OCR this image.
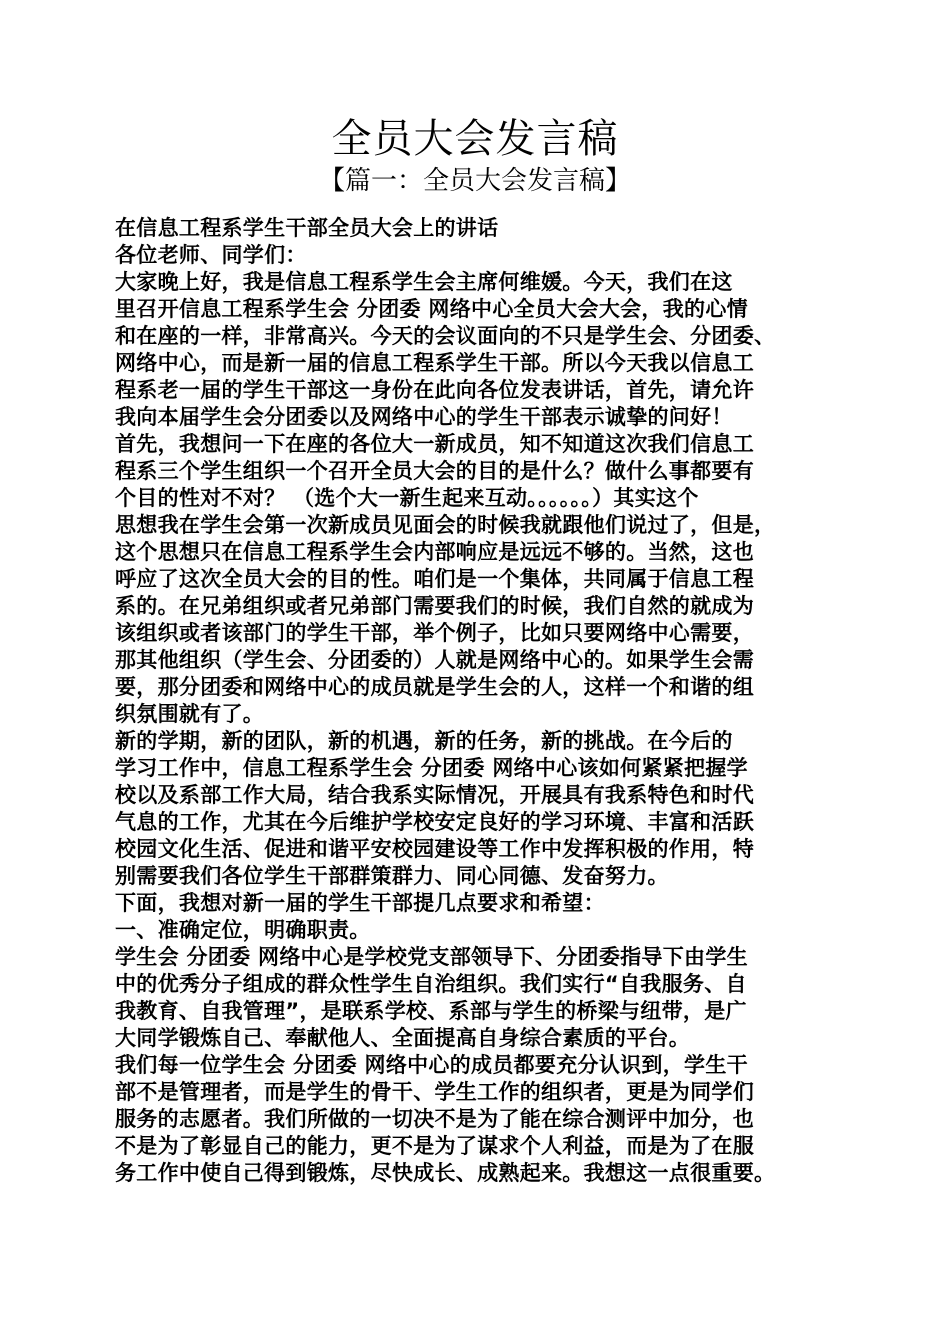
全员大会发言稿
【篇一：全员大会发言稿】
在信息工程系学生干部全员大会上的讲话
各位老师、同学们：
大家晚上好，我是信息工程系学生会主席何维媛。今天，我们在这
里召开信息工程系学生会 分团委 网络中心全员大会大会，我的心情
和在座的一样，非常高兴。今天的会议面向的不只是学生会、分团委、
网络中心，而是新一届的信息工程系学生干部。所以今天我以信息工
程系老一届的学生干部这一身份在此向各位发表讲话，首先，请允许
我向本届学生会分团委以及网络中心的学生干部表示诚挚的问好！
首先，我想问一下在座的各位大一新成员，知不知道这次我们信息工
程系三个学生组织一个召开全员大会的目的是什么？做什么事都要有
个目的性对不对？ （选个大一新生起来互动。。。。。。）其实这个
思想我在学生会第一次新成员见面会的时候我就跟他们说过了，但是，
这个思想只在信息工程系学生会内部响应是远远不够的。当然，这也
呼应了这次全员大会的目的性。咱们是一个集体，共同属于信息工程
系的。在兄弟组织或者兄弟部门需要我们的时候，我们自然的就成为
该组织或者该部门的学生干部，举个例子，比如只要网络中心需要，
那其他组织（学生会、分团委的）人就是网络中心的。如果学生会需
要，那分团委和网络中心的成员就是学生会的人，这样一个和谐的组
织氛围就有了。
新的学期，新的团队，新的机遇，新的任务，新的挑战。在今后的
学习工作中，信息工程系学生会 分团委 网络中心该如何紧紧把握学
校以及系部工作大局，结合我系实际情况，开展具有我系特色和时代
气息的工作，尤其在今后维护学校安定良好的学习环境、丰富和活跃
校园文化生活、促进和谐平安校园建设等工作中发挥积极的作用，特
别需要我们各位学生干部群策群力、同心同德、发奋努力。
下面，我想对新一届的学生干部提几点要求和希望：
一、准确定位，明确职责。
学生会 分团委 网络中心是学校党支部领导下、分团委指导下由学生
中的优秀分子组成的群众性学生自治组织。我们实行“自我服务、自
我教育、自我管理”，是联系学校、系部与学生的桥梁与纽带，是广
大同学锻炼自己、奉献他人、全面提高自身综合素质的平台。
我们每一位学生会 分团委 网络中心的成员都要充分认识到，学生干
部不是管理者，而是学生的骨干、学生工作的组织者，更是为同学们
服务的志愿者。我们所做的一切决不是为了能在综合测评中加分，也
不是为了彰显自己的能力，更不是为了谋求个人利益，而是为了在服
务工作中使自己得到锻炼，尽快成长、成熟起来。我想这一点很重要。
